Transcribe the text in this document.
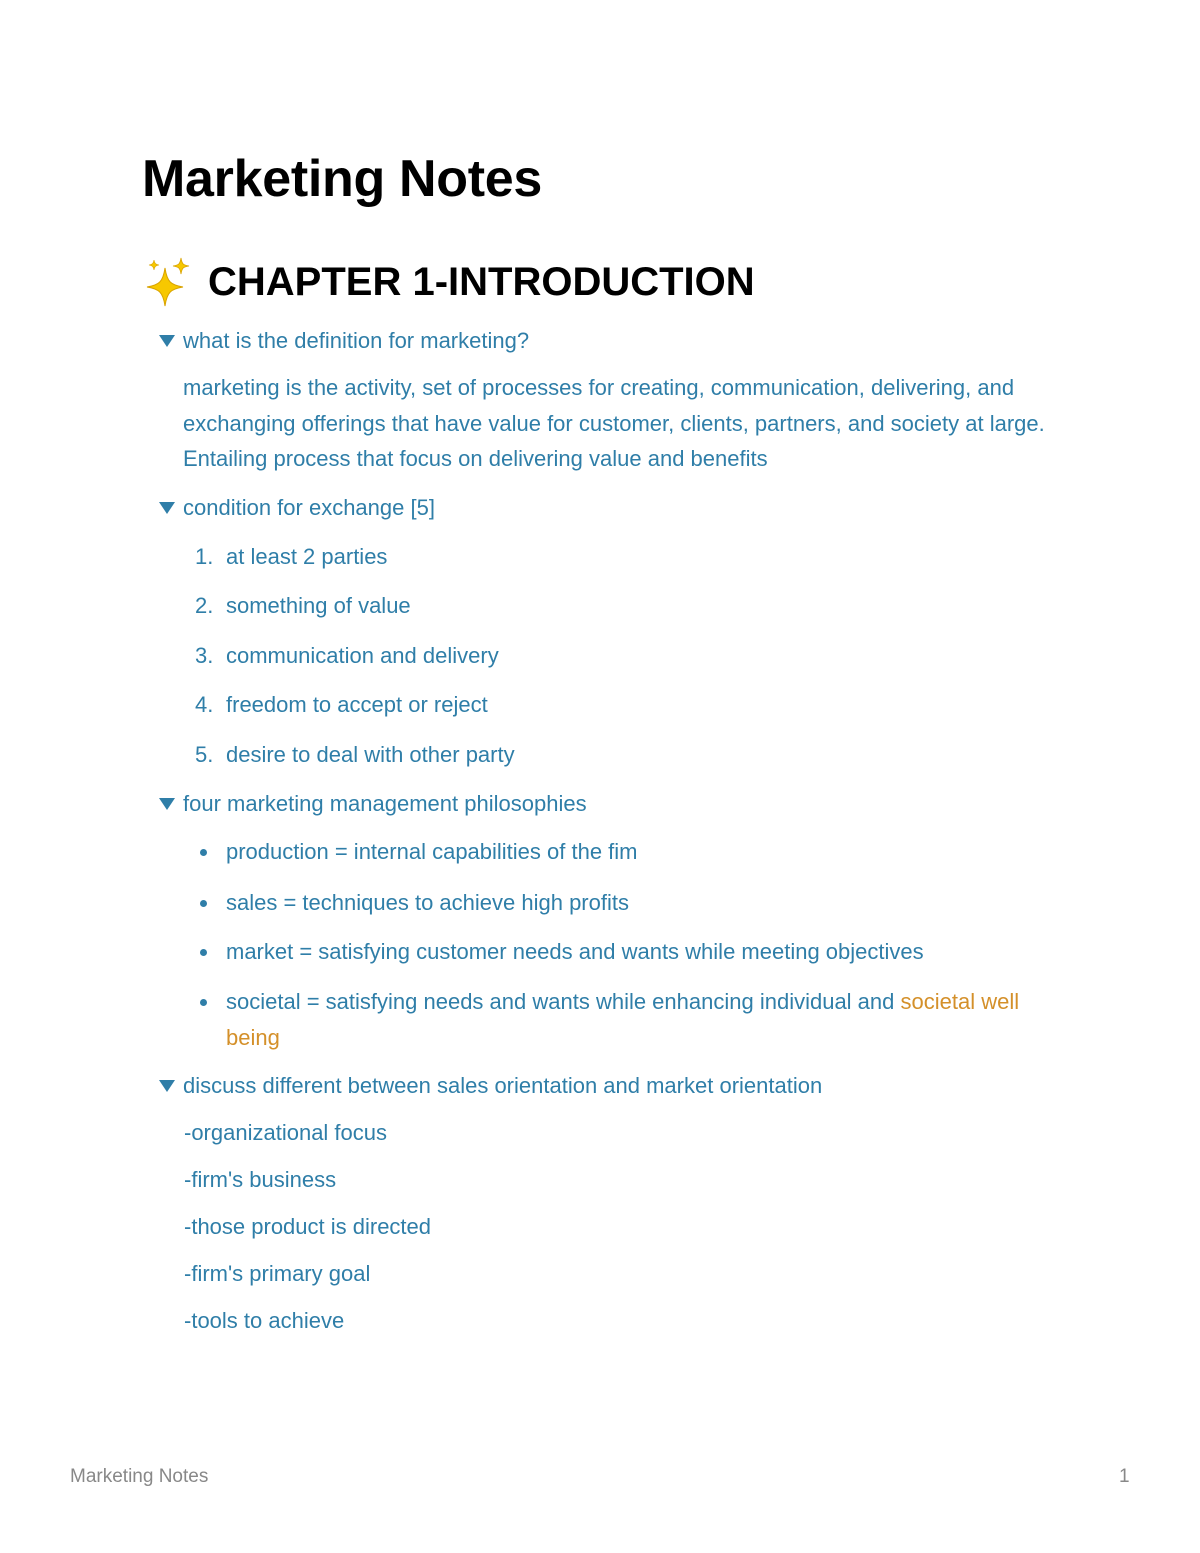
Marketing Notes
CHAPTER 1-INTRODUCTION
what is the definition for marketing?

marketing is the activity, set of processes for creating, communication, delivering, and exchanging offerings that have value for customer, clients, partners, and society at large. Entailing process that focus on delivering value and benefits

condition for exchange [5]
1. at least 2 parties
2. something of value
3. communication and delivery
4. freedom to accept or reject
5. desire to deal with other party
four marketing management philosophies
production = internal capabilities of the fim
sales = techniques to achieve high profits
market = satisfying customer needs and wants while meeting objectives
societal = satisfying needs and wants while enhancing individual and societal well being
discuss different between sales orientation and market orientation
-organizational focus
-firm's business
-those product is directed
-firm's primary goal
-tools to achieve
Marketing Notes	1
